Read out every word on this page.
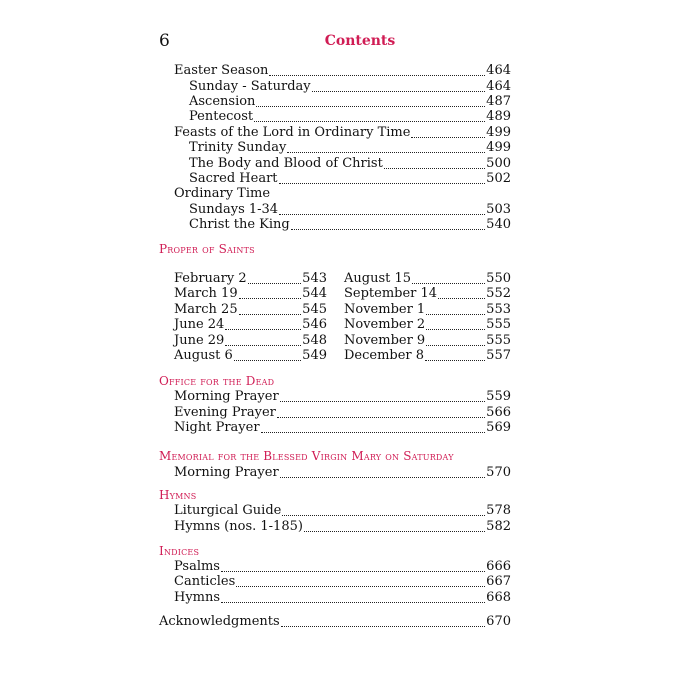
6	Contents
Easter Season	464
Sunday - Saturday	464
Ascension	487
Pentecost	489
Feasts of the Lord in Ordinary Time	499
Trinity Sunday	499
The Body and Blood of Christ	500
Sacred Heart	502
Ordinary Time
Sundays 1-34	503
Christ the King	540
Proper of Saints
February 2	543
March 19	544
March 25	545
June 24	546
June 29	548
August 6	549
August 15	550
September 14	552
November 1	553
November 2	555
November 9	555
December 8	557
Office for the Dead
Morning Prayer	559
Evening Prayer	566
Night Prayer	569
Memorial for the Blessed Virgin Mary on Saturday
Morning Prayer	570
Hymns
Liturgical Guide	578
Hymns (nos. 1-185)	582
Indices
Psalms	666
Canticles	667
Hymns	668
Acknowledgments	670
